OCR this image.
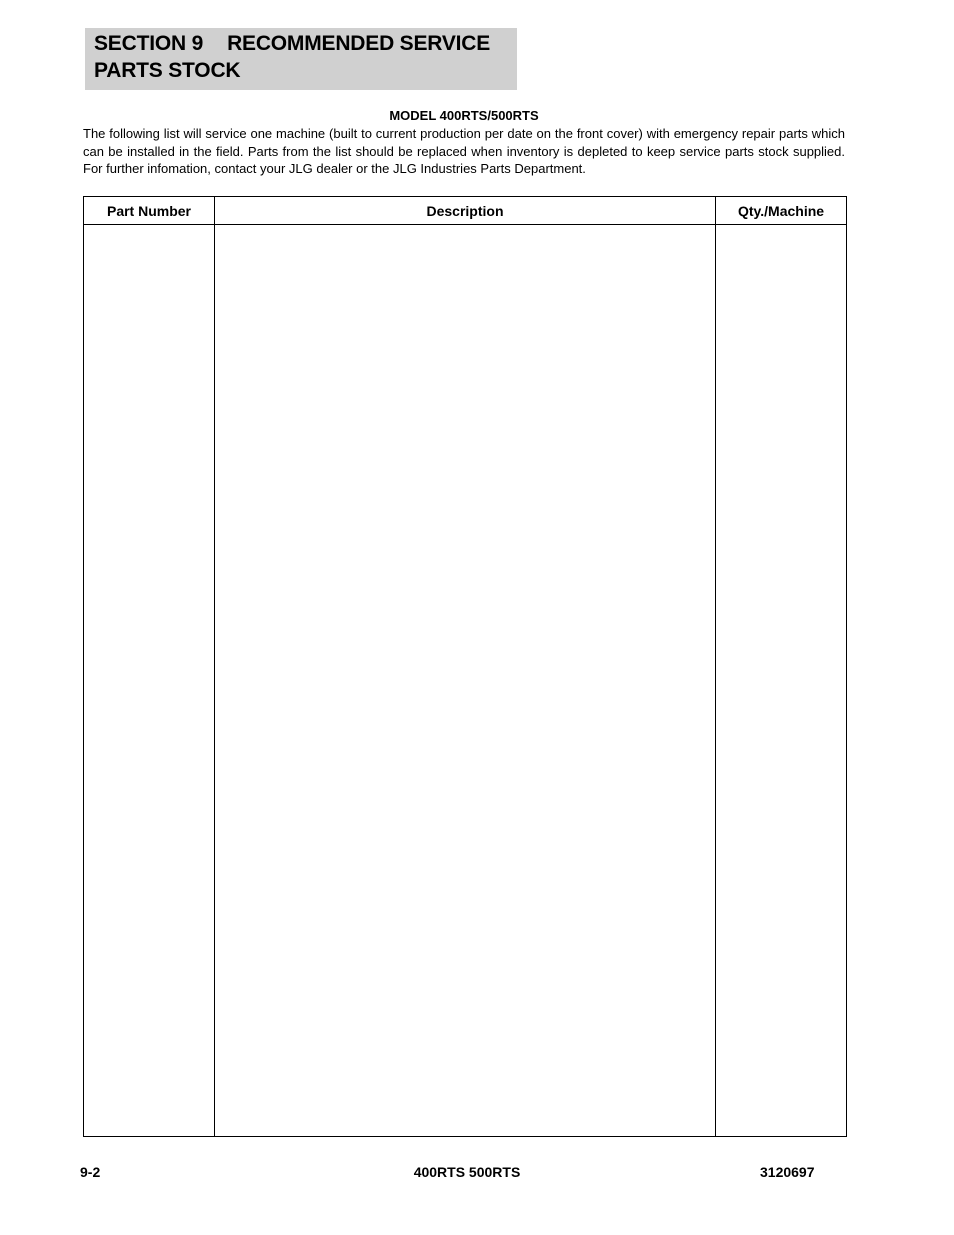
SECTION 9 RECOMMENDED SERVICE
PARTS STOCK
MODEL 400RTS/500RTS

The following list will service one machine (built to current production per date on the front cover) with emergency repair parts which can be installed in the field. Parts from the list should be replaced when inventory is depleted to keep service parts stock supplied. For further infomation, contact your JLG dealer or the JLG Industries Parts Department.

Part Number	Description	Qty./Machine

9-2	400RTS 500RTS	3120697
